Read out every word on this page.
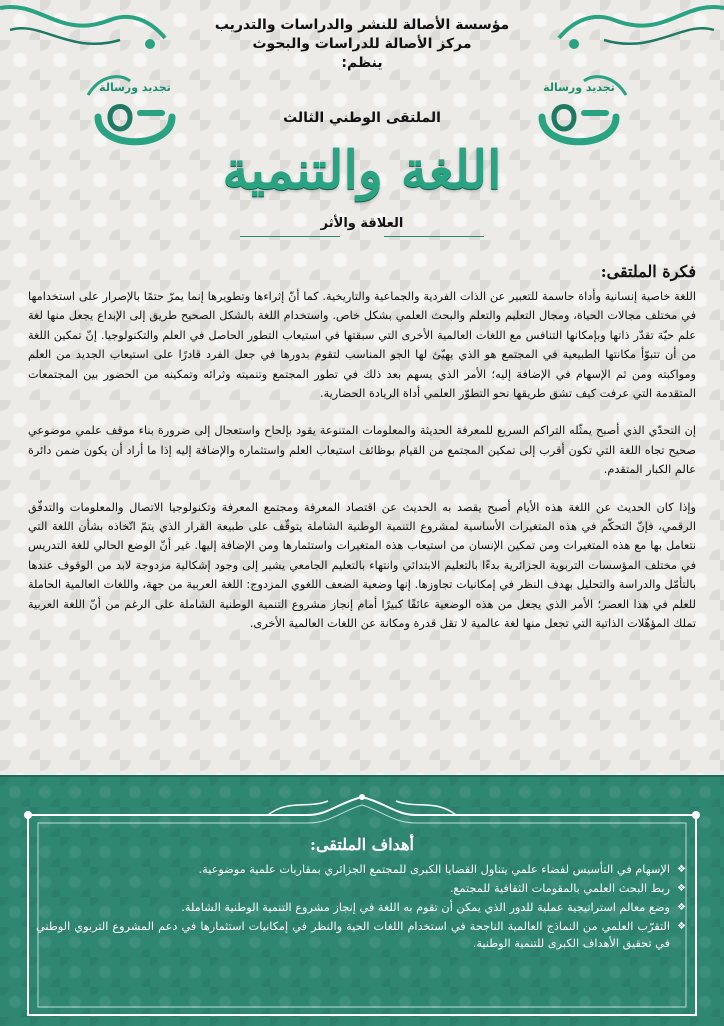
مؤسسة الأصالة للنشر والدراسات والتدريب
مركز الأصالة للدراسات والبحوث
ينظم:
تجديد ورسالة	تجديد ورسالة
الملتقى الوطني الثالث
اللغة والتنمية
العلاقة والأثر
فكرة الملتقى:

اللغة خاصية إنسانية وأداة حاسمة للتعبير عن الذات الفردية والجماعية والتاريخية. كما أنّ إثراءها وتطويرها إنما يمرّ حتمًا بالإصرار على استخدامها في مختلف مجالات الحياة، ومجال التعليم والتعلم والبحث العلمي بشكل خاص. واستخدام اللغة بالشكل الصحيح طريق إلى الإبداع يجعل منها لغة علم حيّة تقدّر ذاتها وبإمكانها التنافس مع اللغات العالمية الأخرى التي سبقتها في استيعاب التطور الحاصل في العلم والتكنولوجيا. إنّ تمكين اللغة من أن تتبوّأ مكانتها الطبيعية في المجتمع هو الذي يهيّئ لها الجو المناسب لتقوم بدورها في جعل الفرد قادرًا على استيعاب الجديد من العلم ومواكبته ومن ثم الإسهام في الإضافة إليه؛ الأمر الذي يسهم بعد ذلك في تطور المجتمع وتنميته وثرائه وتمكينه من الحضور بين المجتمعات المتقدمة التي عرفت كيف تشق طريقها نحو التطوّر العلمي أداة الريادة الحضارية.

إن التحدّي الذي أصبح يمثّله التراكم السريع للمعرفة الحديثة والمعلومات المتنوعة يقود بإلحاح واستعجال إلى ضرورة بناء موقف علمي موضوعي صحيح تجاه اللغة التي تكون أقرب إلى تمكين المجتمع من القيام بوظائف استيعاب العلم واستثماره والإضافة إليه إذا ما أراد أن يكون ضمن دائرة عالم الكبار المتقدم.

وإذا كان الحديث عن اللغة هذه الأيام أصبح يقصد به الحديث عن اقتصاد المعرفة ومجتمع المعرفة وتكنولوجيا الاتصال والمعلومات والتدفّق الرقمي، فإنّ التحكّم في هذه المتغيرات الأساسية لمشروع التنمية الوطنية الشاملة يتوقّف على طبيعة القرار الذي يتمّ اتّخاذه بشأن اللغة التي نتعامل بها مع هذه المتغيرات ومن تمكين الإنسان من استيعاب هذه المتغيرات واستثمارها ومن الإضافة إليها. غير أنّ الوضع الحالي للغة التدريس في مختلف المؤسسات التربوية الجزائرية بدءًا بالتعليم الابتدائي وانتهاء بالتعليم الجامعي يشير إلى وجود إشكالية مزدوجة لابد من الوقوف عندها بالتأمّل والدراسة والتحليل بهدف النظر في إمكانيات تجاوزها. إنها وضعية الضعف اللغوي المزدوج: اللغة العربية من جهة، واللغات العالمية الحاملة للعلم في هذا العصر؛ الأمر الذي يجعل من هذه الوضعية عائقًا كبيرًا أمام إنجاز مشروع التنمية الوطنية الشاملة على الرغم من أنّ اللغة العربية تملك المؤهّلات الذاتية التي تجعل منها لغة عالمية لا تقل قدرة ومكانة عن اللغات العالمية الأخرى.

أهداف الملتقى:
❖
الإسهام في التأسيس لفضاء علمي يتناول القضايا الكبرى للمجتمع الجزائري بمقاربات علمية موضوعية.
❖
ربط البحث العلمي بالمقومات الثقافية للمجتمع.
❖
وضع معالم استراتيجية عملية للدور الذي يمكن أن تقوم به اللغة في إنجاز مشروع التنمية الوطنية الشاملة.
❖
التقرّب العلمي من النماذج العالمية الناجحة في استخدام اللغات الحية والنظر في إمكانيات استثمارها في دعم المشروع التربوي الوطني في تحقيق الأهداف الكبرى للتنمية الوطنية.
